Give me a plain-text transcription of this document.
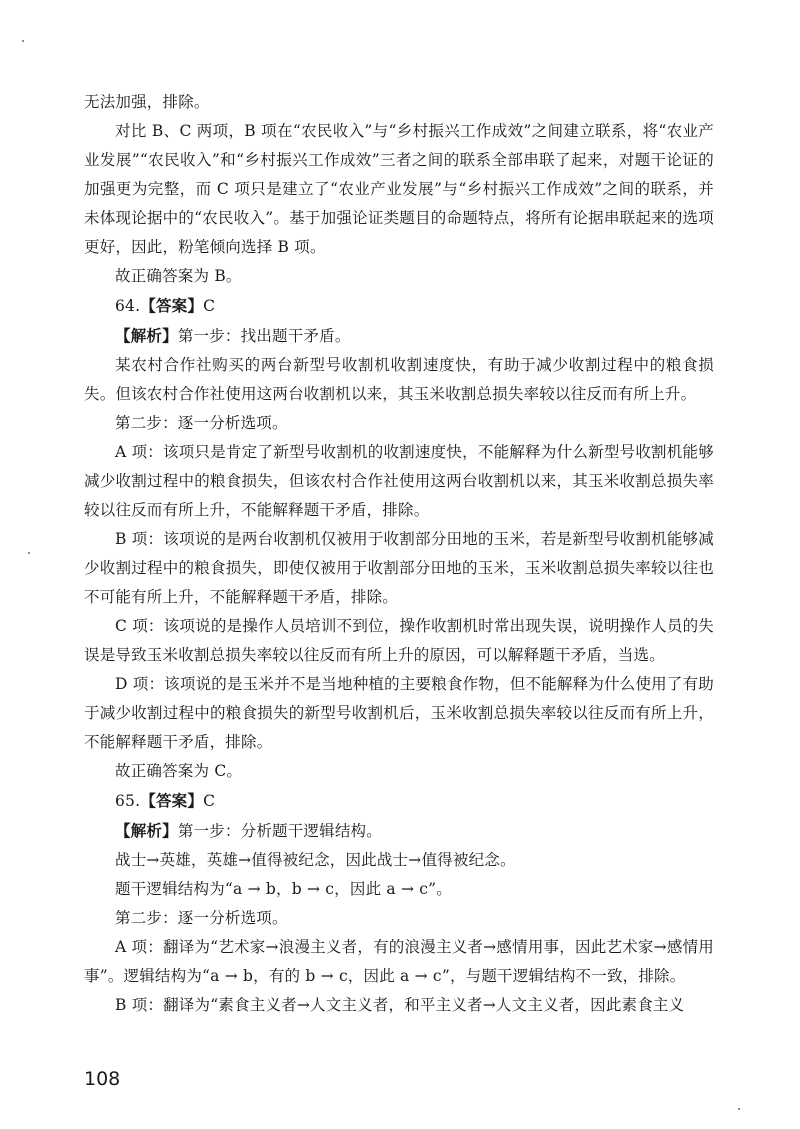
无法加强，排除。

对比 B、C 两项，B 项在“农民收入”与“乡村振兴工作成效”之间建立联系，将“农业产业发展”“农民收入”和“乡村振兴工作成效”三者之间的联系全部串联了起来，对题干论证的加强更为完整，而 C 项只是建立了“农业产业发展”与“乡村振兴工作成效”之间的联系，并未体现论据中的“农民收入”。基于加强论证类题目的命题特点，将所有论据串联起来的选项更好，因此，粉笔倾向选择 B 项。

故正确答案为 B。

64.【答案】C

【解析】第一步：找出题干矛盾。

某农村合作社购买的两台新型号收割机收割速度快，有助于减少收割过程中的粮食损失。但该农村合作社使用这两台收割机以来，其玉米收割总损失率较以往反而有所上升。

第二步：逐一分析选项。

A 项：该项只是肯定了新型号收割机的收割速度快，不能解释为什么新型号收割机能够减少收割过程中的粮食损失，但该农村合作社使用这两台收割机以来，其玉米收割总损失率较以往反而有所上升，不能解释题干矛盾，排除。

B 项：该项说的是两台收割机仅被用于收割部分田地的玉米，若是新型号收割机能够减少收割过程中的粮食损失，即使仅被用于收割部分田地的玉米，玉米收割总损失率较以往也不可能有所上升，不能解释题干矛盾，排除。

C 项：该项说的是操作人员培训不到位，操作收割机时常出现失误，说明操作人员的失误是导致玉米收割总损失率较以往反而有所上升的原因，可以解释题干矛盾，当选。

D 项：该项说的是玉米并不是当地种植的主要粮食作物，但不能解释为什么使用了有助于减少收割过程中的粮食损失的新型号收割机后，玉米收割总损失率较以往反而有所上升，不能解释题干矛盾，排除。

故正确答案为 C。

65.【答案】C

【解析】第一步：分析题干逻辑结构。

战士→英雄，英雄→值得被纪念，因此战士→值得被纪念。

题干逻辑结构为“a → b，b → c，因此 a → c”。

第二步：逐一分析选项。

A 项：翻译为“艺术家→浪漫主义者，有的浪漫主义者→感情用事，因此艺术家→感情用事”。逻辑结构为“a → b，有的 b → c，因此 a → c”，与题干逻辑结构不一致，排除。

B 项：翻译为“素食主义者→人文主义者，和平主义者→人文主义者，因此素食主义

108
